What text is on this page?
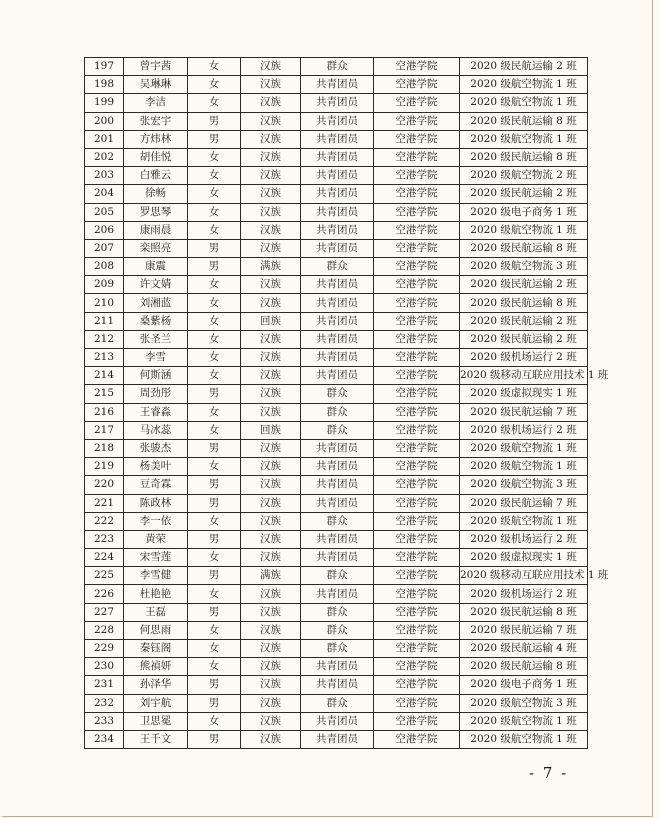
197	曾宇茜	女	汉族	群众	空港学院	2020 级民航运输 2 班
198	吴琳琳	女	汉族	共青团员	空港学院	2020 级航空物流 1 班
199	李洁	女	汉族	共青团员	空港学院	2020 级航空物流 1 班
200	张宏宇	男	汉族	共青团员	空港学院	2020 级民航运输 8 班
201	方炜林	男	汉族	共青团员	空港学院	2020 级航空物流 1 班
202	胡佳悦	女	汉族	共青团员	空港学院	2020 级民航运输 8 班
203	白雅云	女	汉族	共青团员	空港学院	2020 级航空物流 2 班
204	徐畅	女	汉族	共青团员	空港学院	2020 级民航运输 2 班
205	罗思琴	女	汉族	共青团员	空港学院	2020 级电子商务 1 班
206	康雨晨	女	汉族	共青团员	空港学院	2020 级航空物流 1 班
207	栾照亮	男	汉族	共青团员	空港学院	2020 级民航运输 8 班
208	康震	男	满族	群众	空港学院	2020 级航空物流 3 班
209	许文婧	女	汉族	共青团员	空港学院	2020 级民航运输 2 班
210	刘湘蓝	女	汉族	共青团员	空港学院	2020 级民航运输 8 班
211	桑紫杨	女	回族	共青团员	空港学院	2020 级民航运输 2 班
212	张圣兰	女	汉族	共青团员	空港学院	2020 级民航运输 2 班
213	李雪	女	汉族	共青团员	空港学院	2020 级机场运行 2 班
214	何斯涵	女	汉族	共青团员	空港学院	2020 级移动互联应用技术 1 班
215	周劲彤	男	汉族	群众	空港学院	2020 级虚拟现实 1 班
216	王睿淼	女	汉族	群众	空港学院	2020 级民航运输 7 班
217	马冰蕊	女	回族	群众	空港学院	2020 级机场运行 2 班
218	张骏杰	男	汉族	共青团员	空港学院	2020 级航空物流 1 班
219	杨美叶	女	汉族	共青团员	空港学院	2020 级航空物流 1 班
220	豆奇霖	男	汉族	共青团员	空港学院	2020 级航空物流 3 班
221	陈政林	男	汉族	共青团员	空港学院	2020 级民航运输 7 班
222	李一依	女	汉族	群众	空港学院	2020 级航空物流 1 班
223	黄荣	男	汉族	共青团员	空港学院	2020 级机场运行 2 班
224	宋雪莲	女	汉族	共青团员	空港学院	2020 级虚拟现实 1 班
225	李雪健	男	满族	群众	空港学院	2020 级移动互联应用技术 1 班
226	杜艳艳	女	汉族	共青团员	空港学院	2020 级机场运行 2 班
227	王磊	男	汉族	群众	空港学院	2020 级民航运输 8 班
228	何思雨	女	汉族	群众	空港学院	2020 级民航运输 7 班
229	秦钰阁	女	汉族	群众	空港学院	2020 级民航运输 4 班
230	熊禎妍	女	汉族	共青团员	空港学院	2020 级民航运输 8 班
231	孙泽华	男	汉族	共青团员	空港学院	2020 级电子商务 1 班
232	刘宇航	男	汉族	群众	空港学院	2020 级航空物流 3 班
233	卫思冕	女	汉族	共青团员	空港学院	2020 级航空物流 1 班
234	王千文	男	汉族	共青团员	空港学院	2020 级航空物流 1 班
- 7 -
